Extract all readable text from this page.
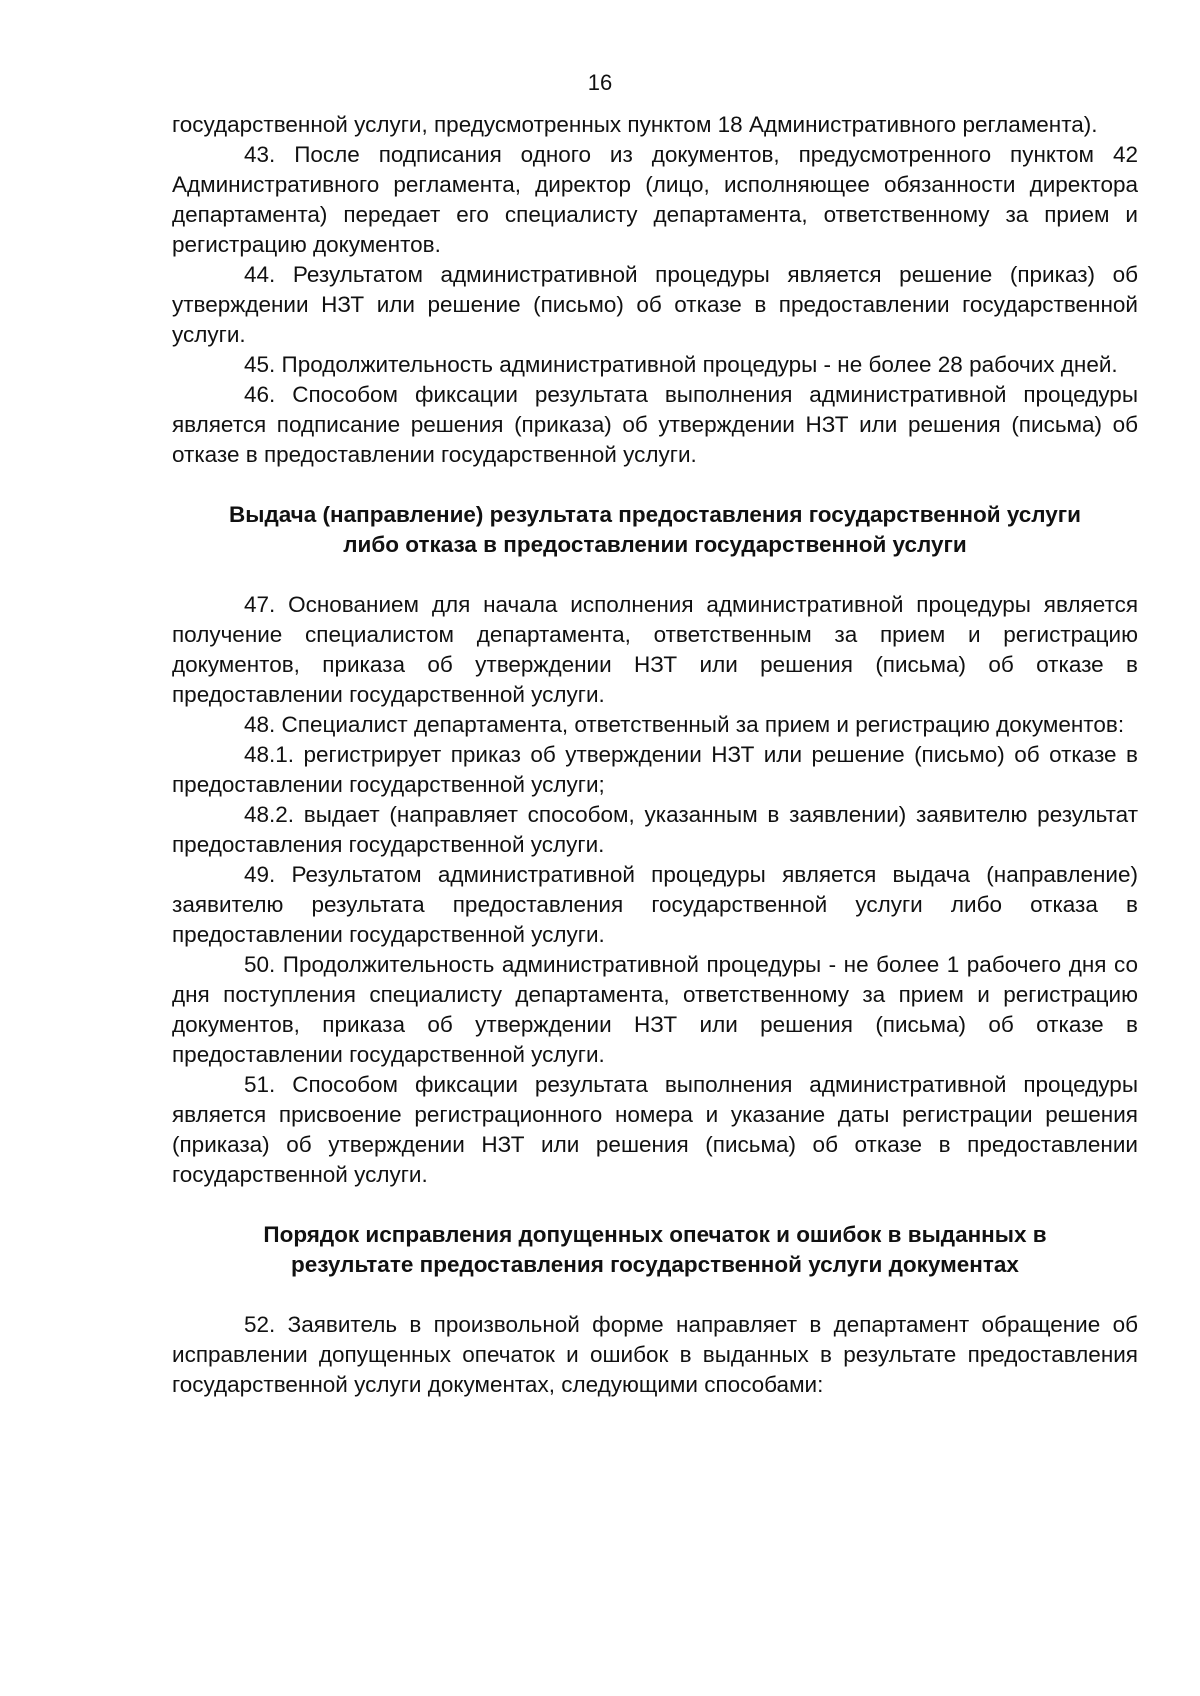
16

государственной услуги, предусмотренных пунктом 18 Административного регламента).

43. После подписания одного из документов, предусмотренного пунктом 42 Административного регламента, директор (лицо, исполняющее обязанности директора департамента) передает его специалисту департамента, ответственному за прием и регистрацию документов.

44. Результатом административной процедуры является решение (приказ) об утверждении НЗТ или решение (письмо) об отказе в предоставлении государственной услуги.

45. Продолжительность административной процедуры - не более 28 рабочих дней.

46. Способом фиксации результата выполнения административной процедуры является подписание решения (приказа) об утверждении НЗТ или решения (письма) об отказе в предоставлении государственной услуги.

Выдача (направление) результата предоставления государственной услуги либо отказа в предоставлении государственной услуги

47. Основанием для начала исполнения административной процедуры является получение специалистом департамента, ответственным за прием и регистрацию документов, приказа об утверждении НЗТ или решения (письма) об отказе в предоставлении государственной услуги.

48. Специалист департамента, ответственный за прием и регистрацию документов:

48.1. регистрирует приказ об утверждении НЗТ или решение (письмо) об отказе в предоставлении государственной услуги;

48.2. выдает (направляет способом, указанным в заявлении) заявителю результат предоставления государственной услуги.

49. Результатом административной процедуры является выдача (направление) заявителю результата предоставления государственной услуги либо отказа в предоставлении государственной услуги.

50. Продолжительность административной процедуры - не более 1 рабочего дня со дня поступления специалисту департамента, ответственному за прием и регистрацию документов, приказа об утверждении НЗТ или решения (письма) об отказе в предоставлении государственной услуги.

51. Способом фиксации результата выполнения административной процедуры является присвоение регистрационного номера и указание даты регистрации решения (приказа) об утверждении НЗТ или решения (письма) об отказе в предоставлении государственной услуги.

Порядок исправления допущенных опечаток и ошибок в выданных в результате предоставления государственной услуги документах

52. Заявитель в произвольной форме направляет в департамент обращение об исправлении допущенных опечаток и ошибок в выданных в результате предоставления государственной услуги документах, следующими способами:
